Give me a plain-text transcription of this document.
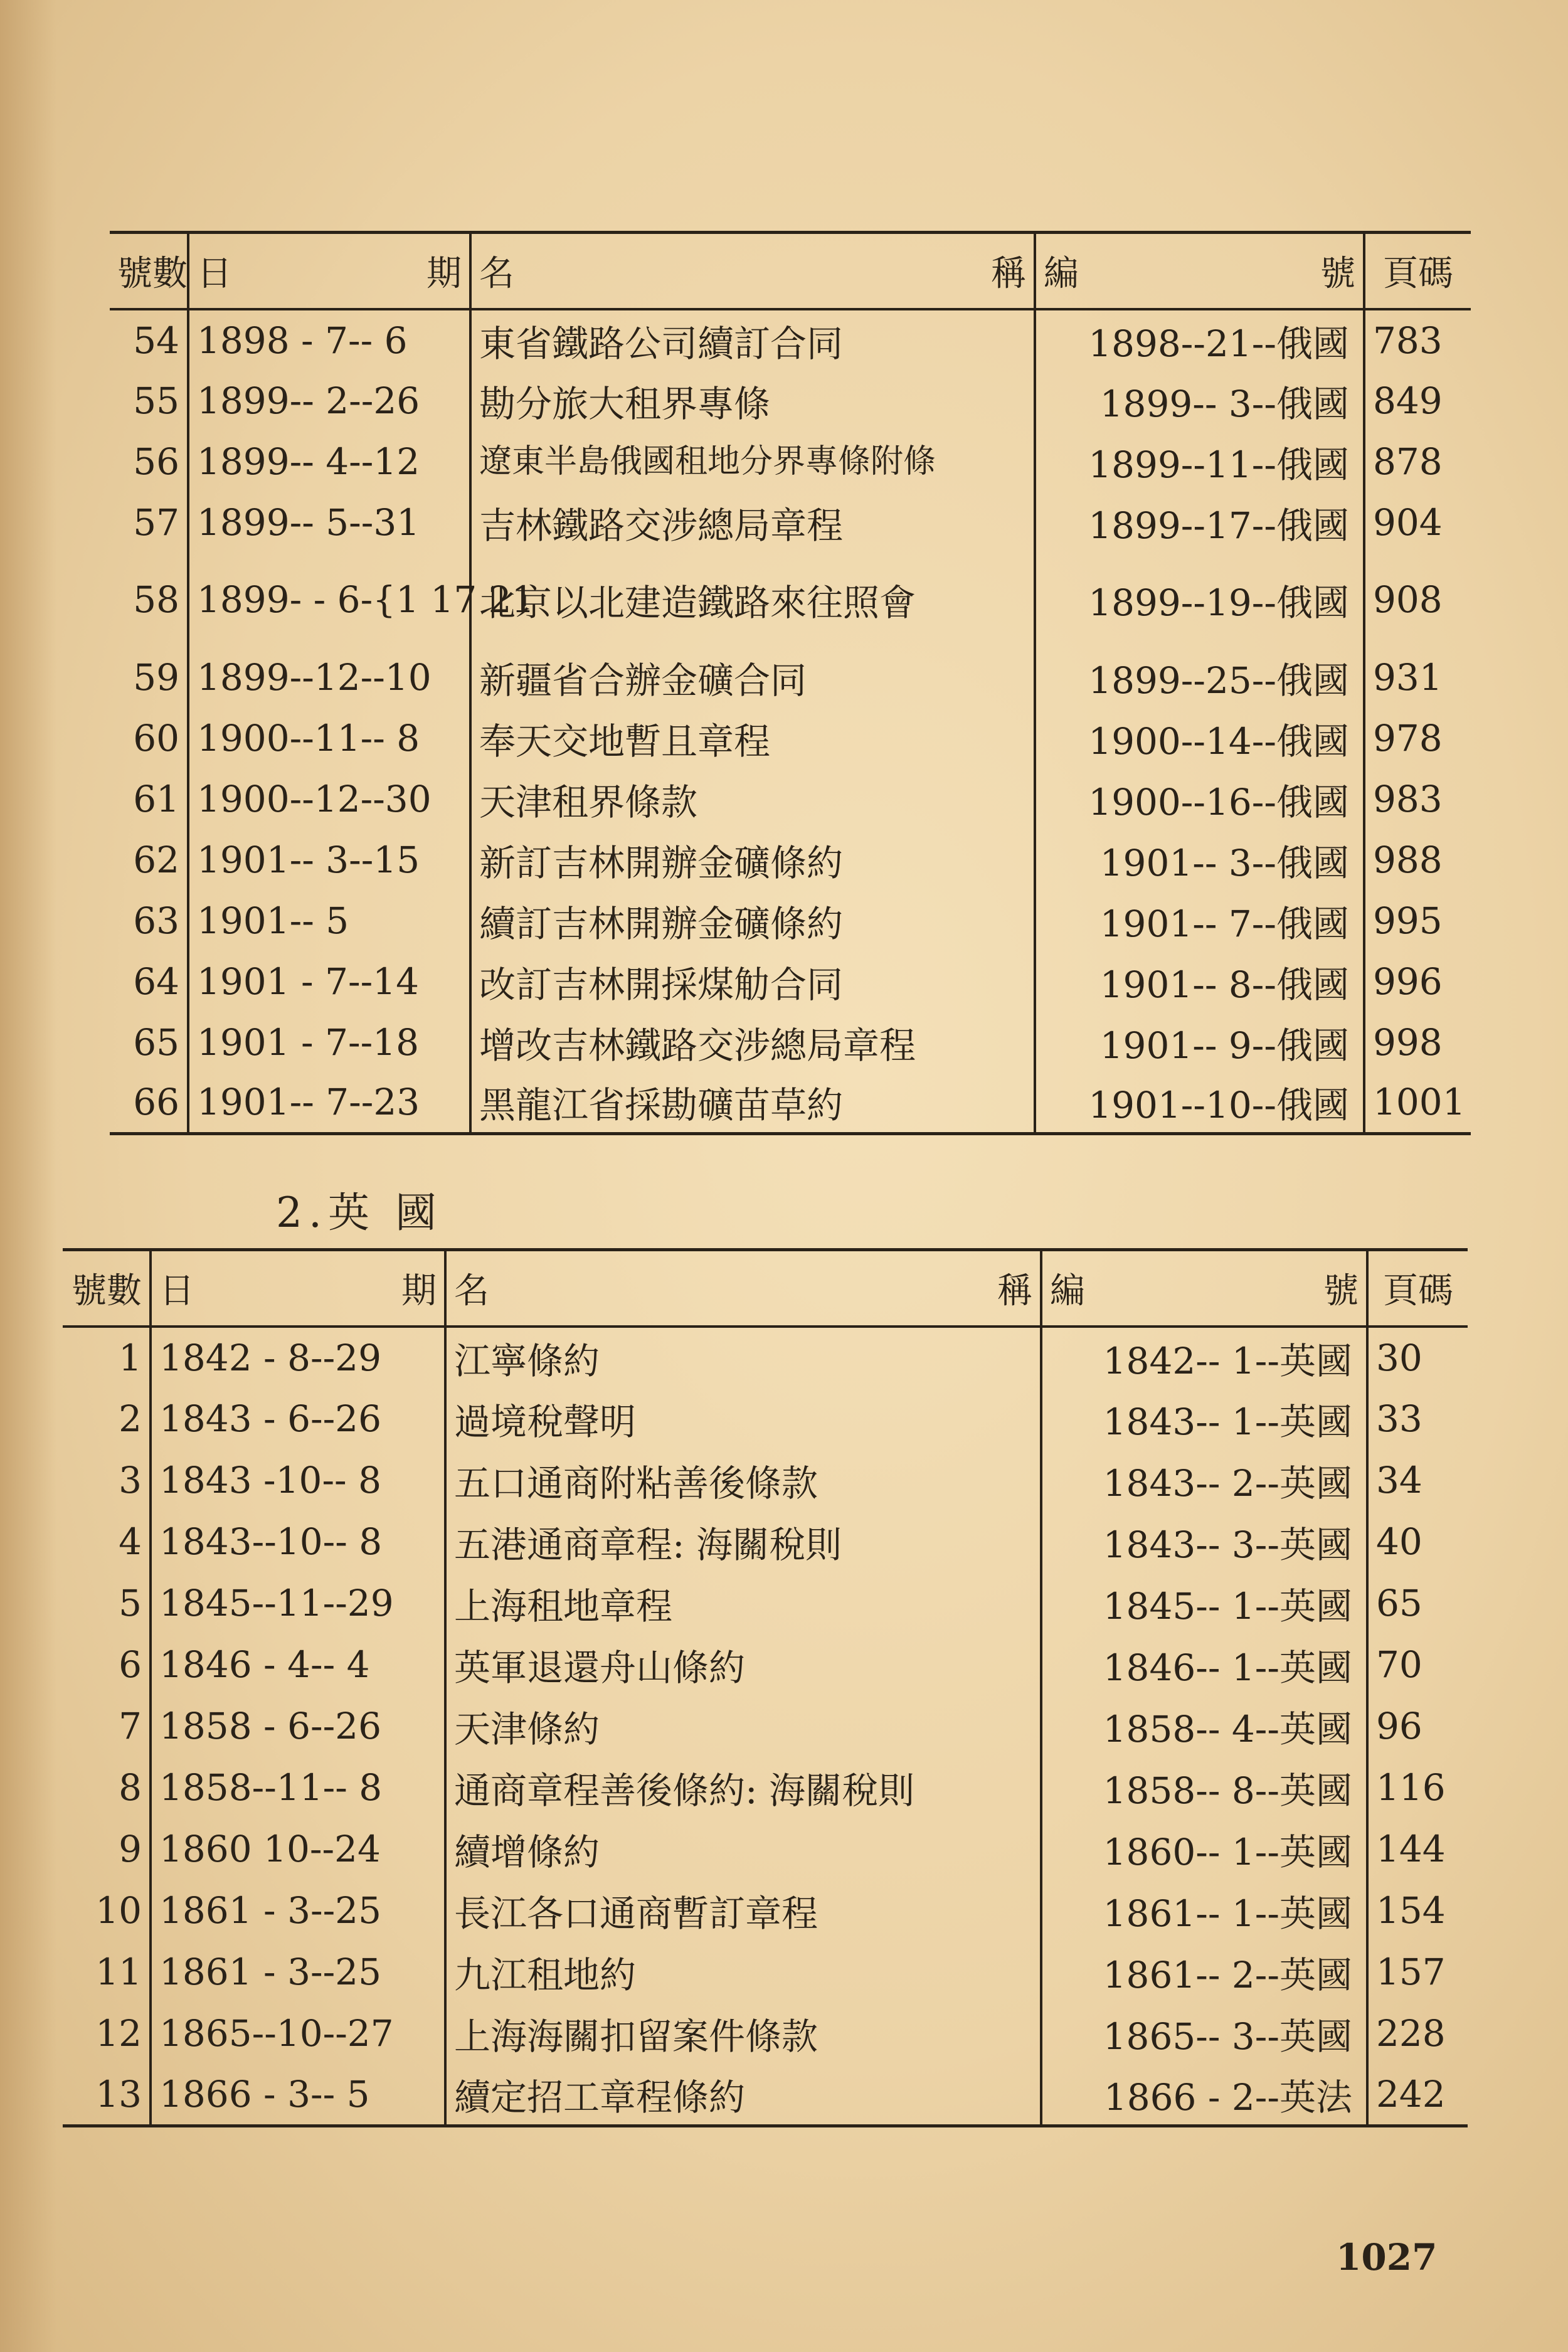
號數	日 期	名 稱	編 號	頁碼
54	1898 - 7-- 6	東省鐵路公司續訂合同	1898--21--俄國	783
55	1899-- 2--26	勘分旅大租界專條	1899-- 3--俄國	849
56	1899-- 4--12	遼東半島俄國租地分界專條附條	1899--11--俄國	878
57	1899-- 5--31	吉林鐵路交涉總局章程	1899--17--俄國	904
58	1899- - 6-{1 17 21	北京以北建造鐵路來往照會	1899--19--俄國	908
59	1899--12--10	新疆省合辦金礦合同	1899--25--俄國	931
60	1900--11-- 8	奉天交地暫且章程	1900--14--俄國	978
61	1900--12--30	天津租界條款	1900--16--俄國	983
62	1901-- 3--15	新訂吉林開辦金礦條約	1901-- 3--俄國	988
63	1901-- 5	續訂吉林開辦金礦條約	1901-- 7--俄國	995
64	1901 - 7--14	改訂吉林開採煤觔合同	1901-- 8--俄國	996
65	1901 - 7--18	增改吉林鐵路交涉總局章程	1901-- 9--俄國	998
66	1901-- 7--23	黑龍江省採勘礦苗草約	1901--10--俄國	1001
2.英 國
號數	日 期	名 稱	編 號	頁碼
1	1842 - 8--29	江寧條約	1842-- 1--英國	30
2	1843 - 6--26	過境稅聲明	1843-- 1--英國	33
3	1843 -10-- 8	五口通商附粘善後條款	1843-- 2--英國	34
4	1843--10-- 8	五港通商章程: 海關稅則	1843-- 3--英國	40
5	1845--11--29	上海租地章程	1845-- 1--英國	65
6	1846 - 4-- 4	英軍退還舟山條約	1846-- 1--英國	70
7	1858 - 6--26	天津條約	1858-- 4--英國	96
8	1858--11-- 8	通商章程善後條約: 海關稅則	1858-- 8--英國	116
9	1860 10--24	續增條約	1860-- 1--英國	144
10	1861 - 3--25	長江各口通商暫訂章程	1861-- 1--英國	154
11	1861 - 3--25	九江租地約	1861-- 2--英國	157
12	1865--10--27	上海海關扣留案件條款	1865-- 3--英國	228
13	1866 - 3-- 5	續定招工章程條約	1866 - 2--英法	242
1027
